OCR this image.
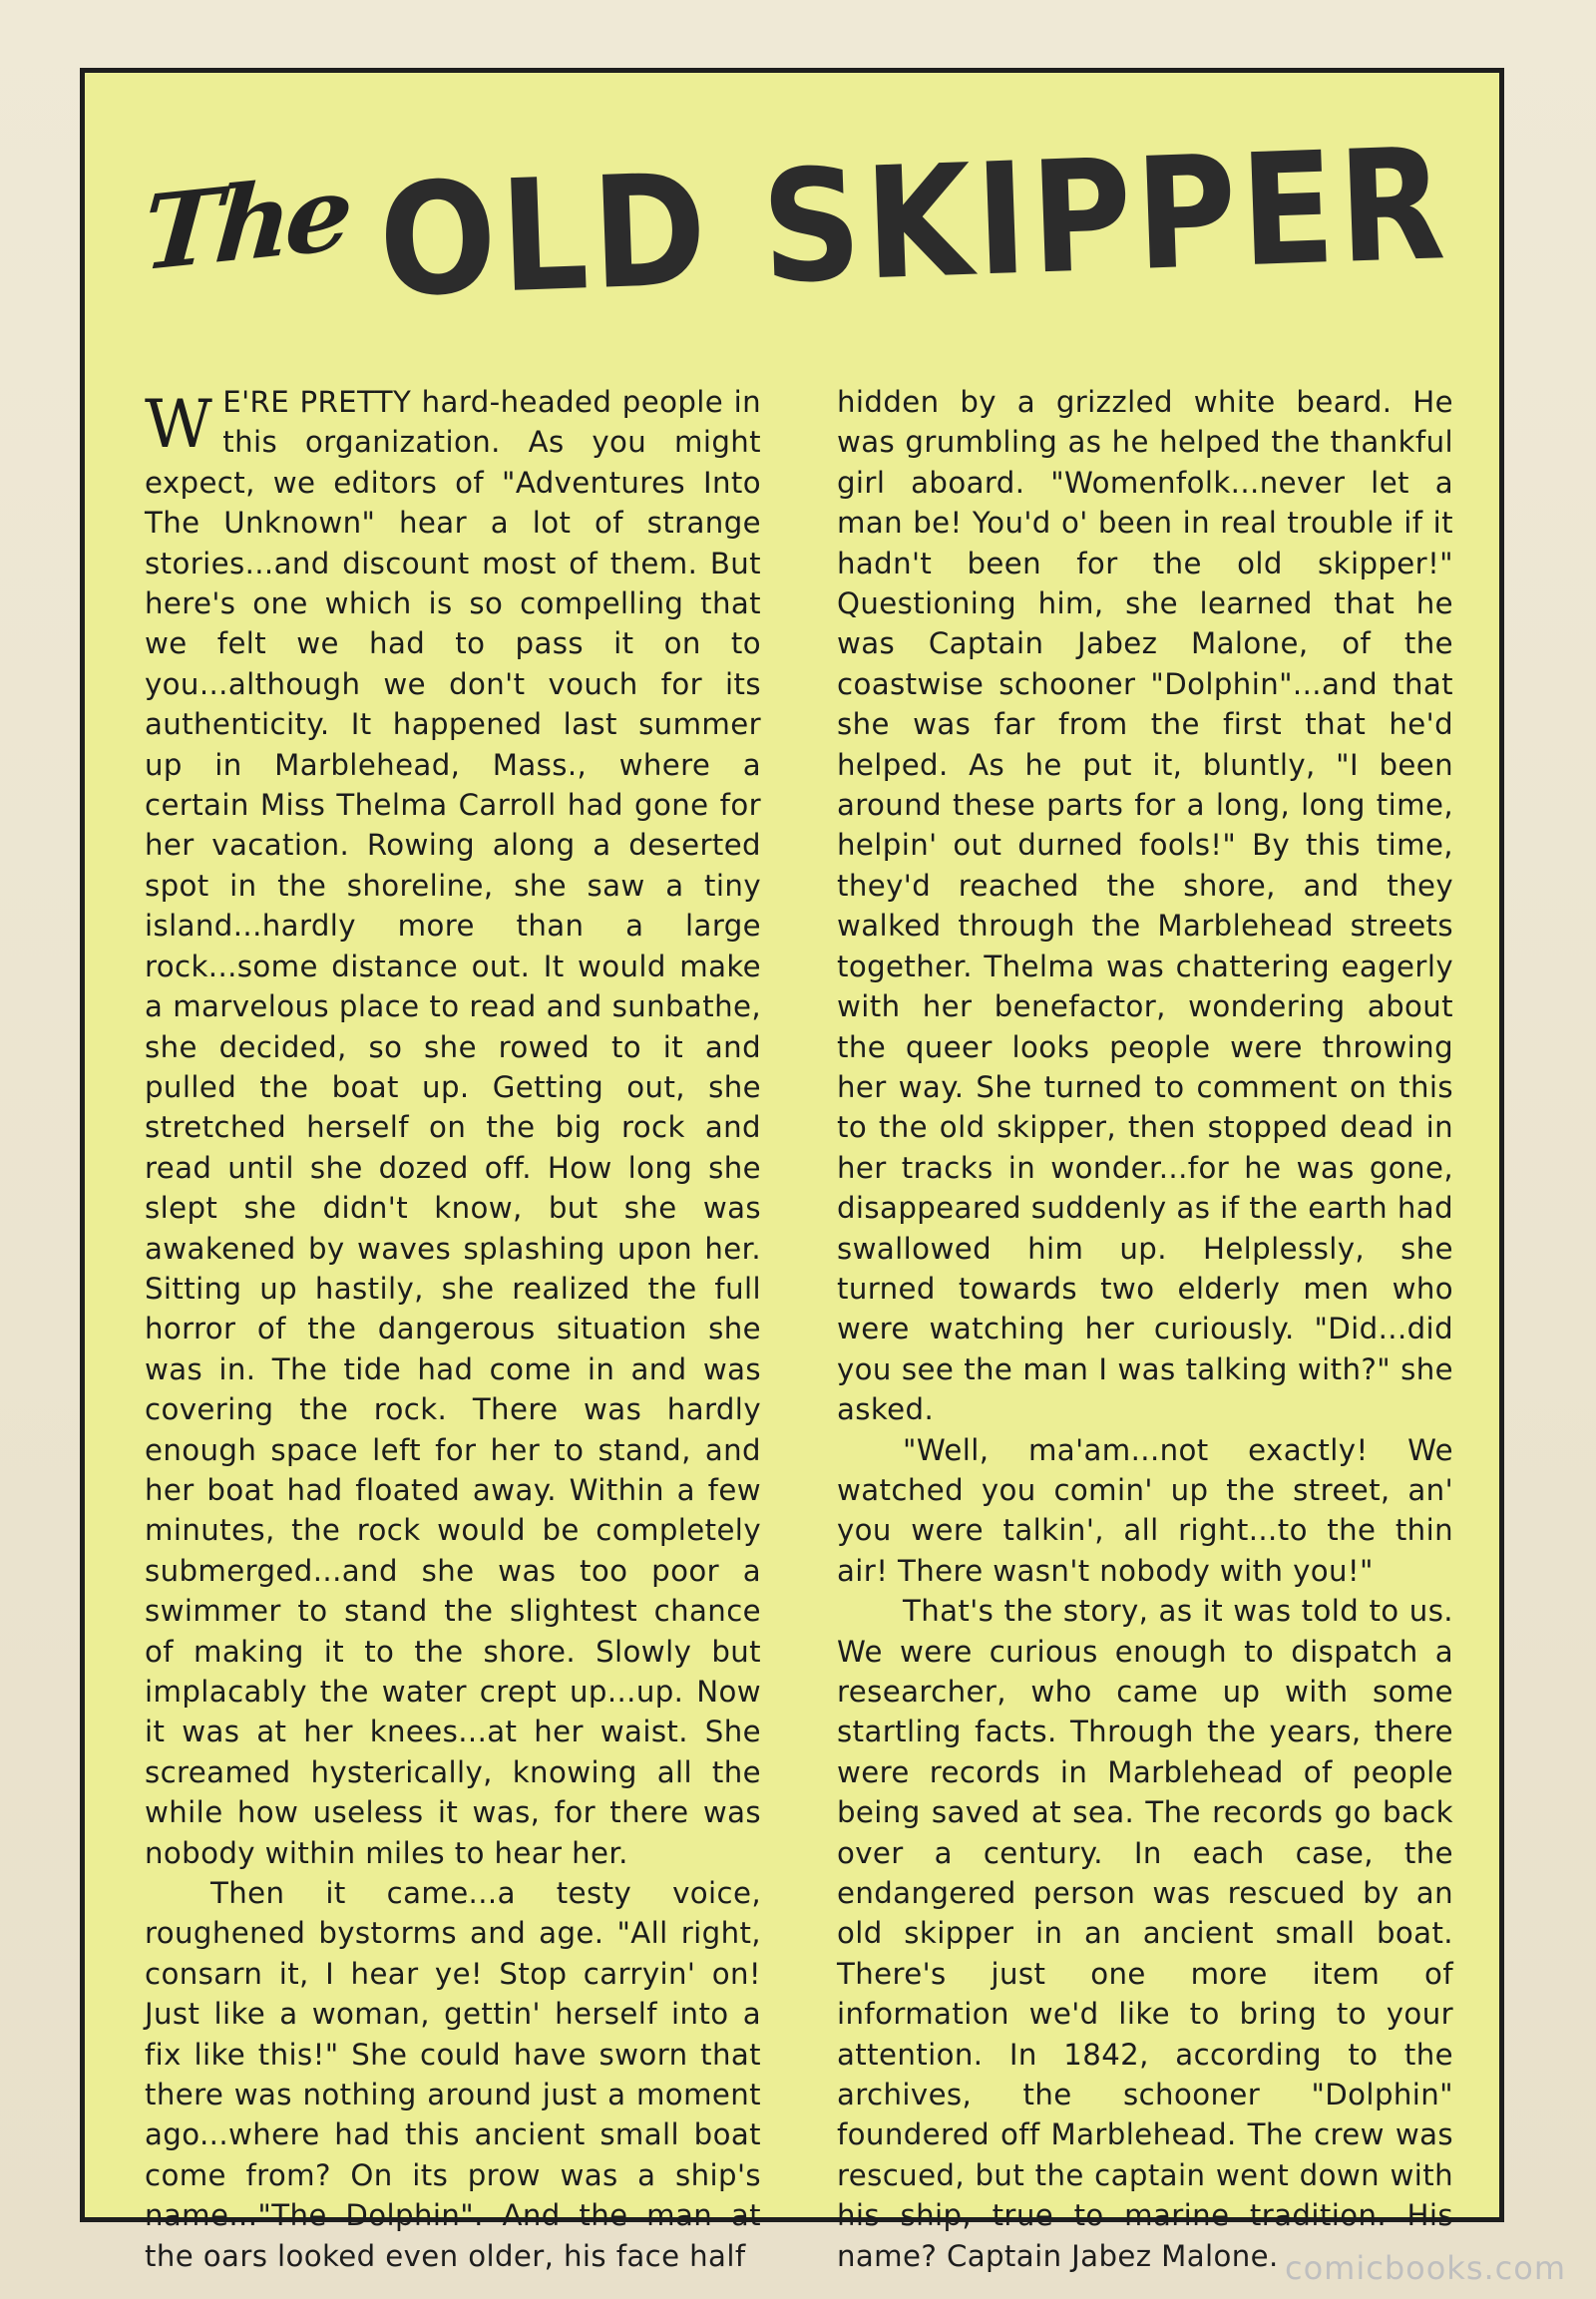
The OLD SKIPPER

W E'RE PRETTY hard-headed people in this organization. As you might expect, we editors of "Adventures Into The Unknown" hear a lot of strange stories...and discount most of them. But here's one which is so compelling that we felt we had to pass it on to you...although we don't vouch for its authenticity. It happened last summer up in Marblehead, Mass., where a certain Miss Thelma Carroll had gone for her vacation. Rowing along a deserted spot in the shoreline, she saw a tiny island...hardly more than a large rock...some distance out. It would make a marvelous place to read and sunbathe, she decided, so she rowed to it and pulled the boat up. Getting out, she stretched herself on the big rock and read until she dozed off. How long she slept she didn't know, but she was awakened by waves splashing upon her. Sitting up hastily, she realized the full horror of the dangerous situation she was in. The tide had come in and was covering the rock. There was hardly enough space left for her to stand, and her boat had floated away. Within a few minutes, the rock would be completely submerged...and she was too poor a swimmer to stand the slightest chance of making it to the shore. Slowly but implacably the water crept up...up. Now it was at her knees...at her waist. She screamed hysterically, knowing all the while how useless it was, for there was nobody within miles to hear her.

Then it came...a testy voice, roughened bystorms and age. "All right, consarn it, I hear ye! Stop carryin' on! Just like a woman, gettin' herself into a fix like this!" She could have sworn that there was nothing around just a moment ago...where had this ancient small boat come from? On its prow was a ship's name..."The Dolphin". And the man at the oars looked even older, his face half

hidden by a grizzled white beard. He was grumbling as he helped the thankful girl aboard. "Womenfolk...never let a man be! You'd o' been in real trouble if it hadn't been for the old skipper!" Questioning him, she learned that he was Captain Jabez Malone, of the coastwise schooner "Dolphin"...and that she was far from the first that he'd helped. As he put it, bluntly, "I been around these parts for a long, long time, helpin' out durned fools!" By this time, they'd reached the shore, and they walked through the Marblehead streets together. Thelma was chattering eagerly with her benefactor, wondering about the queer looks people were throwing her way. She turned to comment on this to the old skipper, then stopped dead in her tracks in wonder...for he was gone, disappeared suddenly as if the earth had swallowed him up. Helplessly, she turned towards two elderly men who were watching her curiously. "Did...did you see the man I was talking with?" she asked.

"Well, ma'am...not exactly! We watched you comin' up the street, an' you were talkin', all right...to the thin air! There wasn't nobody with you!"

That's the story, as it was told to us. We were curious enough to dispatch a researcher, who came up with some startling facts. Through the years, there were records in Marblehead of people being saved at sea. The records go back over a century. In each case, the endangered person was rescued by an old skipper in an ancient small boat. There's just one more item of information we'd like to bring to your attention. In 1842, according to the archives, the schooner "Dolphin" foundered off Marblehead. The crew was rescued, but the captain went down with his ship, true to marine tradition. His name? Captain Jabez Malone. comicbooks.com
